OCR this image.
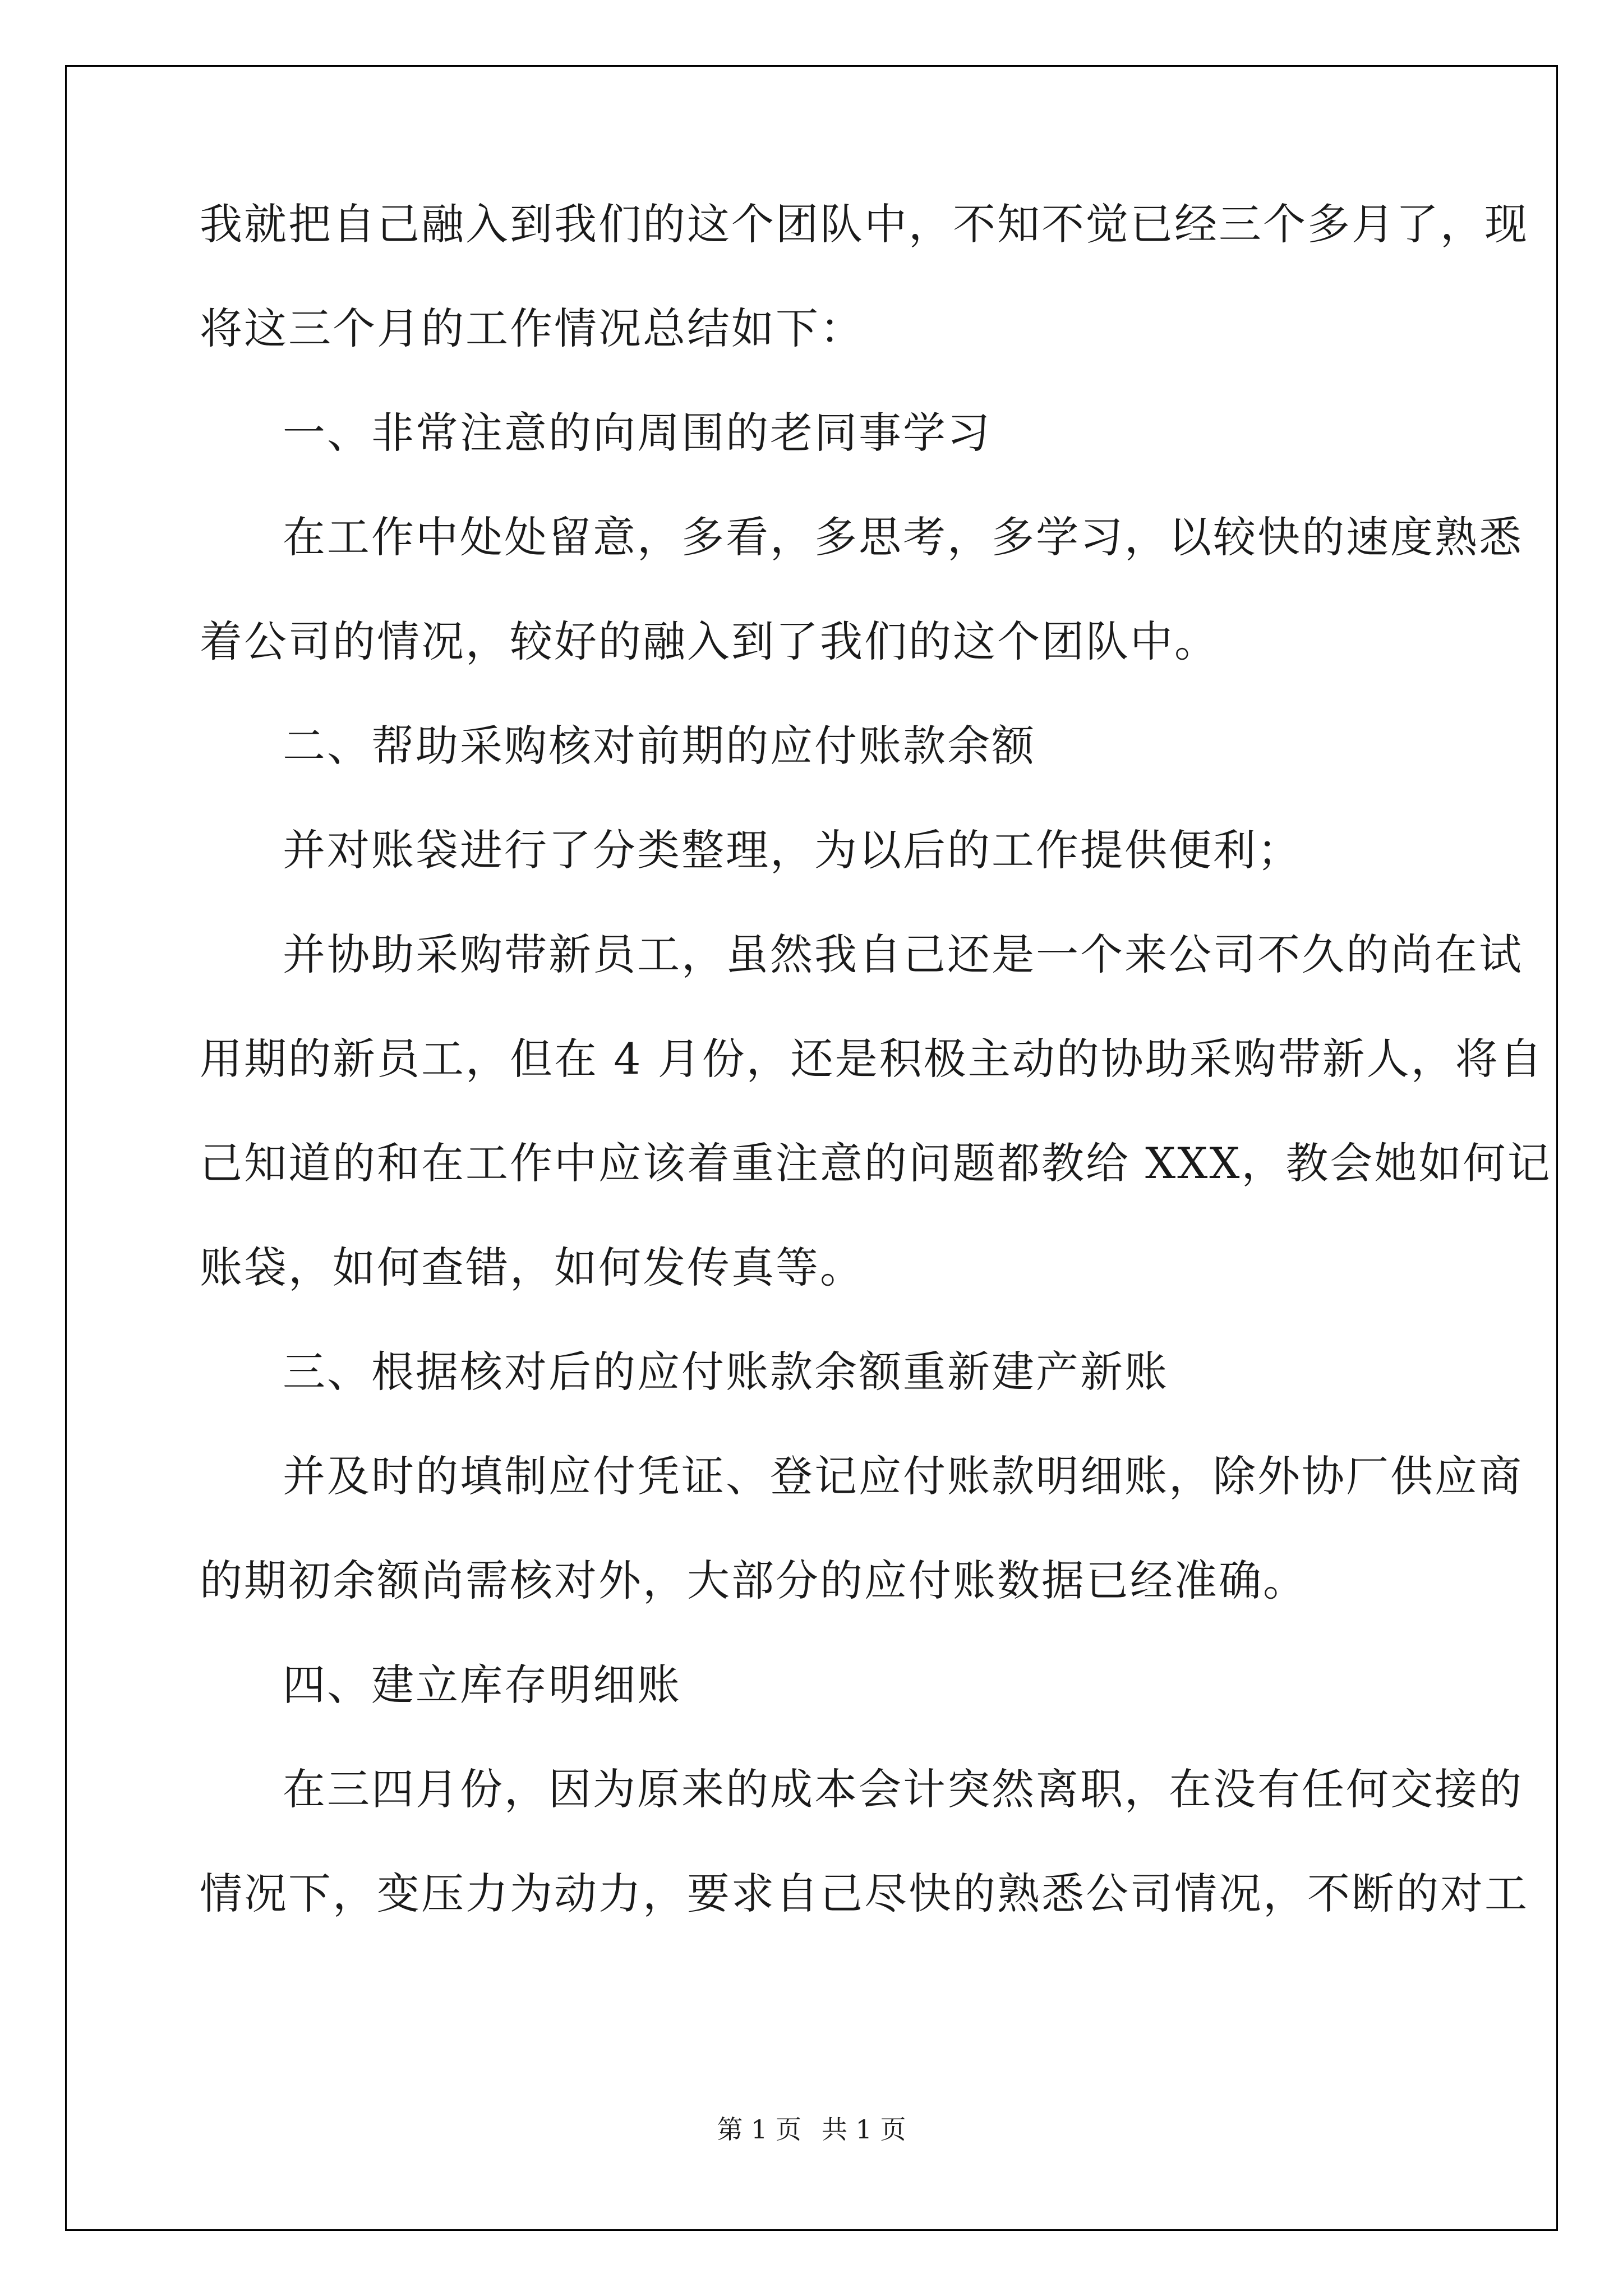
我就把自己融入到我们的这个团队中，不知不觉已经三个多月了，现
将这三个月的工作情况总结如下：
一、非常注意的向周围的老同事学习
在工作中处处留意，多看，多思考，多学习，以较快的速度熟悉
着公司的情况，较好的融入到了我们的这个团队中。
二、帮助采购核对前期的应付账款余额
并对账袋进行了分类整理，为以后的工作提供便利；
并协助采购带新员工，虽然我自己还是一个来公司不久的尚在试
用期的新员工，但在 4 月份，还是积极主动的协助采购带新人，将自
己知道的和在工作中应该着重注意的问题都教给 XXX，教会她如何记
账袋，如何查错，如何发传真等。
三、根据核对后的应付账款余额重新建产新账
并及时的填制应付凭证、登记应付账款明细账，除外协厂供应商
的期初余额尚需核对外，大部分的应付账数据已经准确。
四、建立库存明细账
在三四月份，因为原来的成本会计突然离职，在没有任何交接的
情况下，变压力为动力，要求自己尽快的熟悉公司情况，不断的对工
第 1 页 共 1 页
